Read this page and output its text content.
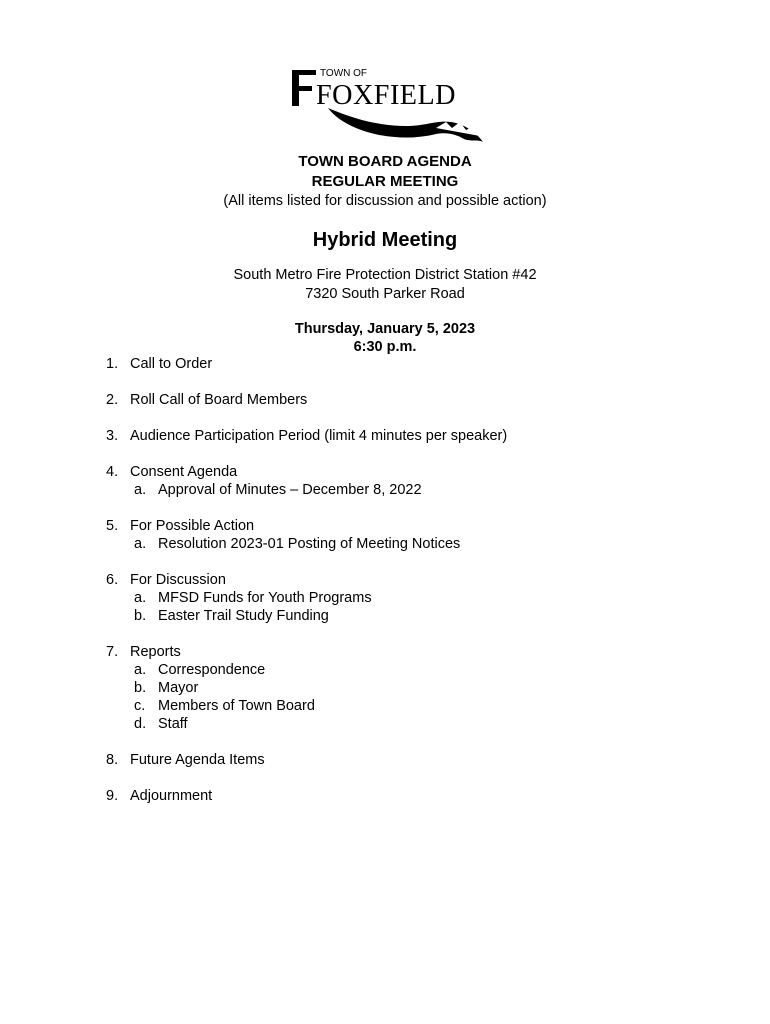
TOWN OF
FOXFIELD
TOWN BOARD AGENDA
REGULAR MEETING
(All items listed for discussion and possible action)
Hybrid Meeting
South Metro Fire Protection District Station #42
7320 South Parker Road
Thursday, January 5, 2023
6:30 p.m.
1. Call to Order
2. Roll Call of Board Members
3. Audience Participation Period (limit 4 minutes per speaker)
4. Consent Agenda
a. Approval of Minutes – December 8, 2022
5. For Possible Action
a. Resolution 2023-01 Posting of Meeting Notices
6. For Discussion
a. MFSD Funds for Youth Programs
b. Easter Trail Study Funding
7. Reports
a. Correspondence
b. Mayor
c. Members of Town Board
d. Staff
8. Future Agenda Items
9. Adjournment
